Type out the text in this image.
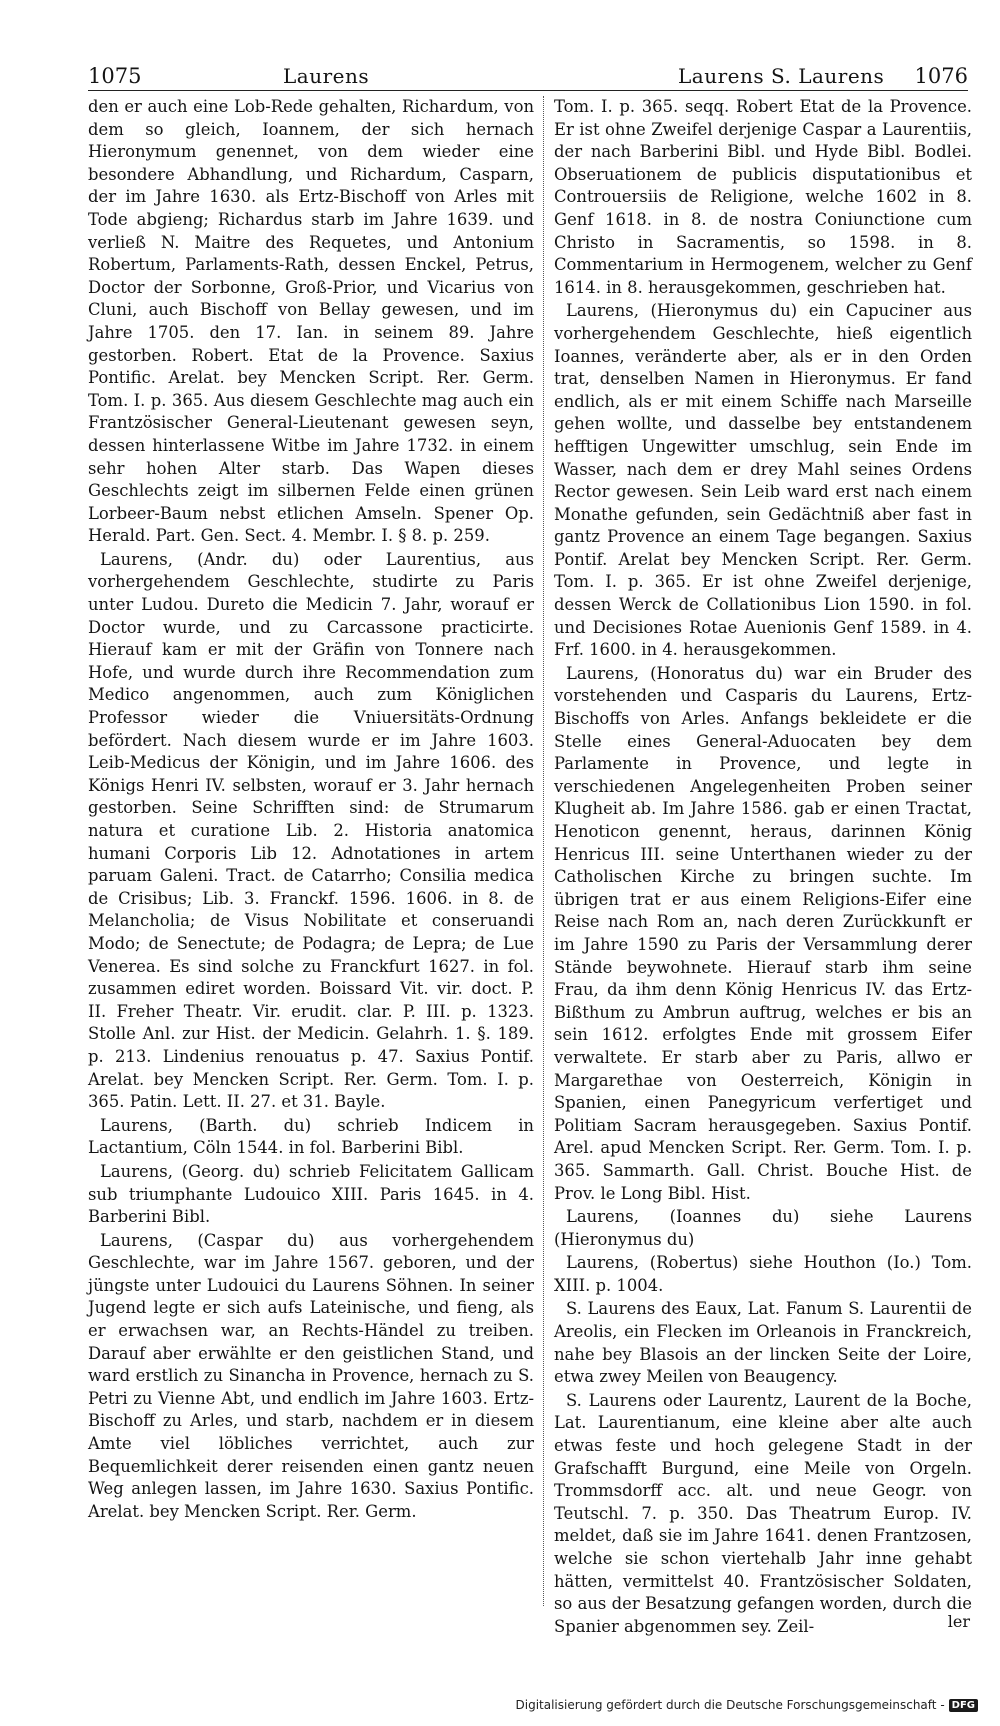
1075	Laurens	Laurens S. Laurens 1076

den er auch eine Lob-Rede gehalten, Richardum, von dem so gleich, Ioannem, der sich hernach Hieronymum genennet, von dem wieder eine besondere Abhandlung, und Richardum, Casparn, der im Jahre 1630. als Ertz-Bischoff von Arles mit Tode abgieng; Richardus starb im Jahre 1639. und verließ N. Maitre des Requetes, und Antonium Robertum, Parlaments-Rath, dessen Enckel, Petrus, Doctor der Sorbonne, Groß-Prior, und Vicarius von Cluni, auch Bischoff von Bellay gewesen, und im Jahre 1705. den 17. Ian. in seinem 89. Jahre gestorben. Robert. Etat de la Provence. Saxius Pontific. Arelat. bey Mencken Script. Rer. Germ. Tom. I. p. 365. Aus diesem Geschlechte mag auch ein Frantzösischer General-Lieutenant gewesen seyn, dessen hinterlassene Witbe im Jahre 1732. in einem sehr hohen Alter starb. Das Wapen dieses Geschlechts zeigt im silbernen Felde einen grünen Lorbeer-Baum nebst etlichen Amseln. Spener Op. Herald. Part. Gen. Sect. 4. Membr. I. § 8. p. 259.

Laurens, (Andr. du) oder Laurentius, aus vorhergehendem Geschlechte, studirte zu Paris unter Ludou. Dureto die Medicin 7. Jahr, worauf er Doctor wurde, und zu Carcassone practicirte. Hierauf kam er mit der Gräfin von Tonnere nach Hofe, und wurde durch ihre Recommendation zum Medico angenommen, auch zum Königlichen Professor wieder die Vniuersitäts-Ordnung befördert. Nach diesem wurde er im Jahre 1603. Leib-Medicus der Königin, und im Jahre 1606. des Königs Henri IV. selbsten, worauf er 3. Jahr hernach gestorben. Seine Schrifften sind: de Strumarum natura et curatione Lib. 2. Historia anatomica humani Corporis Lib 12. Adnotationes in artem paruam Galeni. Tract. de Catarrho; Consilia medica de Crisibus; Lib. 3. Franckf. 1596. 1606. in 8. de Melancholia; de Visus Nobilitate et conseruandi Modo; de Senectute; de Podagra; de Lepra; de Lue Venerea. Es sind solche zu Franckfurt 1627. in fol. zusammen ediret worden. Boissard Vit. vir. doct. P. II. Freher Theatr. Vir. erudit. clar. P. III. p. 1323. Stolle Anl. zur Hist. der Medicin. Gelahrh. 1. §. 189. p. 213. Lindenius renouatus p. 47. Saxius Pontif. Arelat. bey Mencken Script. Rer. Germ. Tom. I. p. 365. Patin. Lett. II. 27. et 31. Bayle.

Laurens, (Barth. du) schrieb Indicem in Lactantium, Cöln 1544. in fol. Barberini Bibl.

Laurens, (Georg. du) schrieb Felicitatem Gallicam sub triumphante Ludouico XIII. Paris 1645. in 4. Barberini Bibl.

Laurens, (Caspar du) aus vorhergehendem Geschlechte, war im Jahre 1567. geboren, und der jüngste unter Ludouici du Laurens Söhnen. In seiner Jugend legte er sich aufs Lateinische, und fieng, als er erwachsen war, an Rechts-Händel zu treiben. Darauf aber erwählte er den geistlichen Stand, und ward erstlich zu Sinancha in Provence, hernach zu S. Petri zu Vienne Abt, und endlich im Jahre 1603. Ertz-Bischoff zu Arles, und starb, nachdem er in diesem Amte viel löbliches verrichtet, auch zur Bequemlichkeit derer reisenden einen gantz neuen Weg anlegen lassen, im Jahre 1630. Saxius Pontific. Arelat. bey Mencken Script. Rer. Germ.

Tom. I. p. 365. seqq. Robert Etat de la Provence. Er ist ohne Zweifel derjenige Caspar a Laurentiis, der nach Barberini Bibl. und Hyde Bibl. Bodlei. Obseruationem de publicis disputationibus et Controuersiis de Religione, welche 1602 in 8. Genf 1618. in 8. de nostra Coniunctione cum Christo in Sacramentis, so 1598. in 8. Commentarium in Hermogenem, welcher zu Genf 1614. in 8. herausgekommen, geschrieben hat.

Laurens, (Hieronymus du) ein Capuciner aus vorhergehendem Geschlechte, hieß eigentlich Ioannes, veränderte aber, als er in den Orden trat, denselben Namen in Hieronymus. Er fand endlich, als er mit einem Schiffe nach Marseille gehen wollte, und dasselbe bey entstandenem hefftigen Ungewitter umschlug, sein Ende im Wasser, nach dem er drey Mahl seines Ordens Rector gewesen. Sein Leib ward erst nach einem Monathe gefunden, sein Gedächtniß aber fast in gantz Provence an einem Tage begangen. Saxius Pontif. Arelat bey Mencken Script. Rer. Germ. Tom. I. p. 365. Er ist ohne Zweifel derjenige, dessen Werck de Collationibus Lion 1590. in fol. und Decisiones Rotae Auenionis Genf 1589. in 4. Frf. 1600. in 4. herausgekommen.

Laurens, (Honoratus du) war ein Bruder des vorstehenden und Casparis du Laurens, Ertz-Bischoffs von Arles. Anfangs bekleidete er die Stelle eines General-Aduocaten bey dem Parlamente in Provence, und legte in verschiedenen Angelegenheiten Proben seiner Klugheit ab. Im Jahre 1586. gab er einen Tractat, Henoticon genennt, heraus, darinnen König Henricus III. seine Unterthanen wieder zu der Catholischen Kirche zu bringen suchte. Im übrigen trat er aus einem Religions-Eifer eine Reise nach Rom an, nach deren Zurückkunft er im Jahre 1590 zu Paris der Versammlung derer Stände beywohnete. Hierauf starb ihm seine Frau, da ihm denn König Henricus IV. das Ertz-Bißthum zu Ambrun auftrug, welches er bis an sein 1612. erfolgtes Ende mit grossem Eifer verwaltete. Er starb aber zu Paris, allwo er Margarethae von Oesterreich, Königin in Spanien, einen Panegyricum verfertiget und Politiam Sacram herausgegeben. Saxius Pontif. Arel. apud Mencken Script. Rer. Germ. Tom. I. p. 365. Sammarth. Gall. Christ. Bouche Hist. de Prov. le Long Bibl. Hist.

Laurens, (Ioannes du) siehe Laurens (Hieronymus du)

Laurens, (Robertus) siehe Houthon (Io.) Tom. XIII. p. 1004.

S. Laurens des Eaux, Lat. Fanum S. Laurentii de Areolis, ein Flecken im Orleanois in Franckreich, nahe bey Blasois an der lincken Seite der Loire, etwa zwey Meilen von Beaugency.

S. Laurens oder Laurentz, Laurent de la Boche, Lat. Laurentianum, eine kleine aber alte auch etwas feste und hoch gelegene Stadt in der Grafschafft Burgund, eine Meile von Orgeln. Trommsdorff acc. alt. und neue Geogr. von Teutschl. 7. p. 350. Das Theatrum Europ. IV. meldet, daß sie im Jahre 1641. denen Frantzosen, welche sie schon viertehalb Jahr inne gehabt hätten, vermittelst 40. Frantzösischer Soldaten, so aus der Besatzung gefangen worden, durch die Spanier abgenommen sey. Zeil-	ler
Digitalisierung gefördert durch die Deutsche Forschungsgemeinschaft - DFG
